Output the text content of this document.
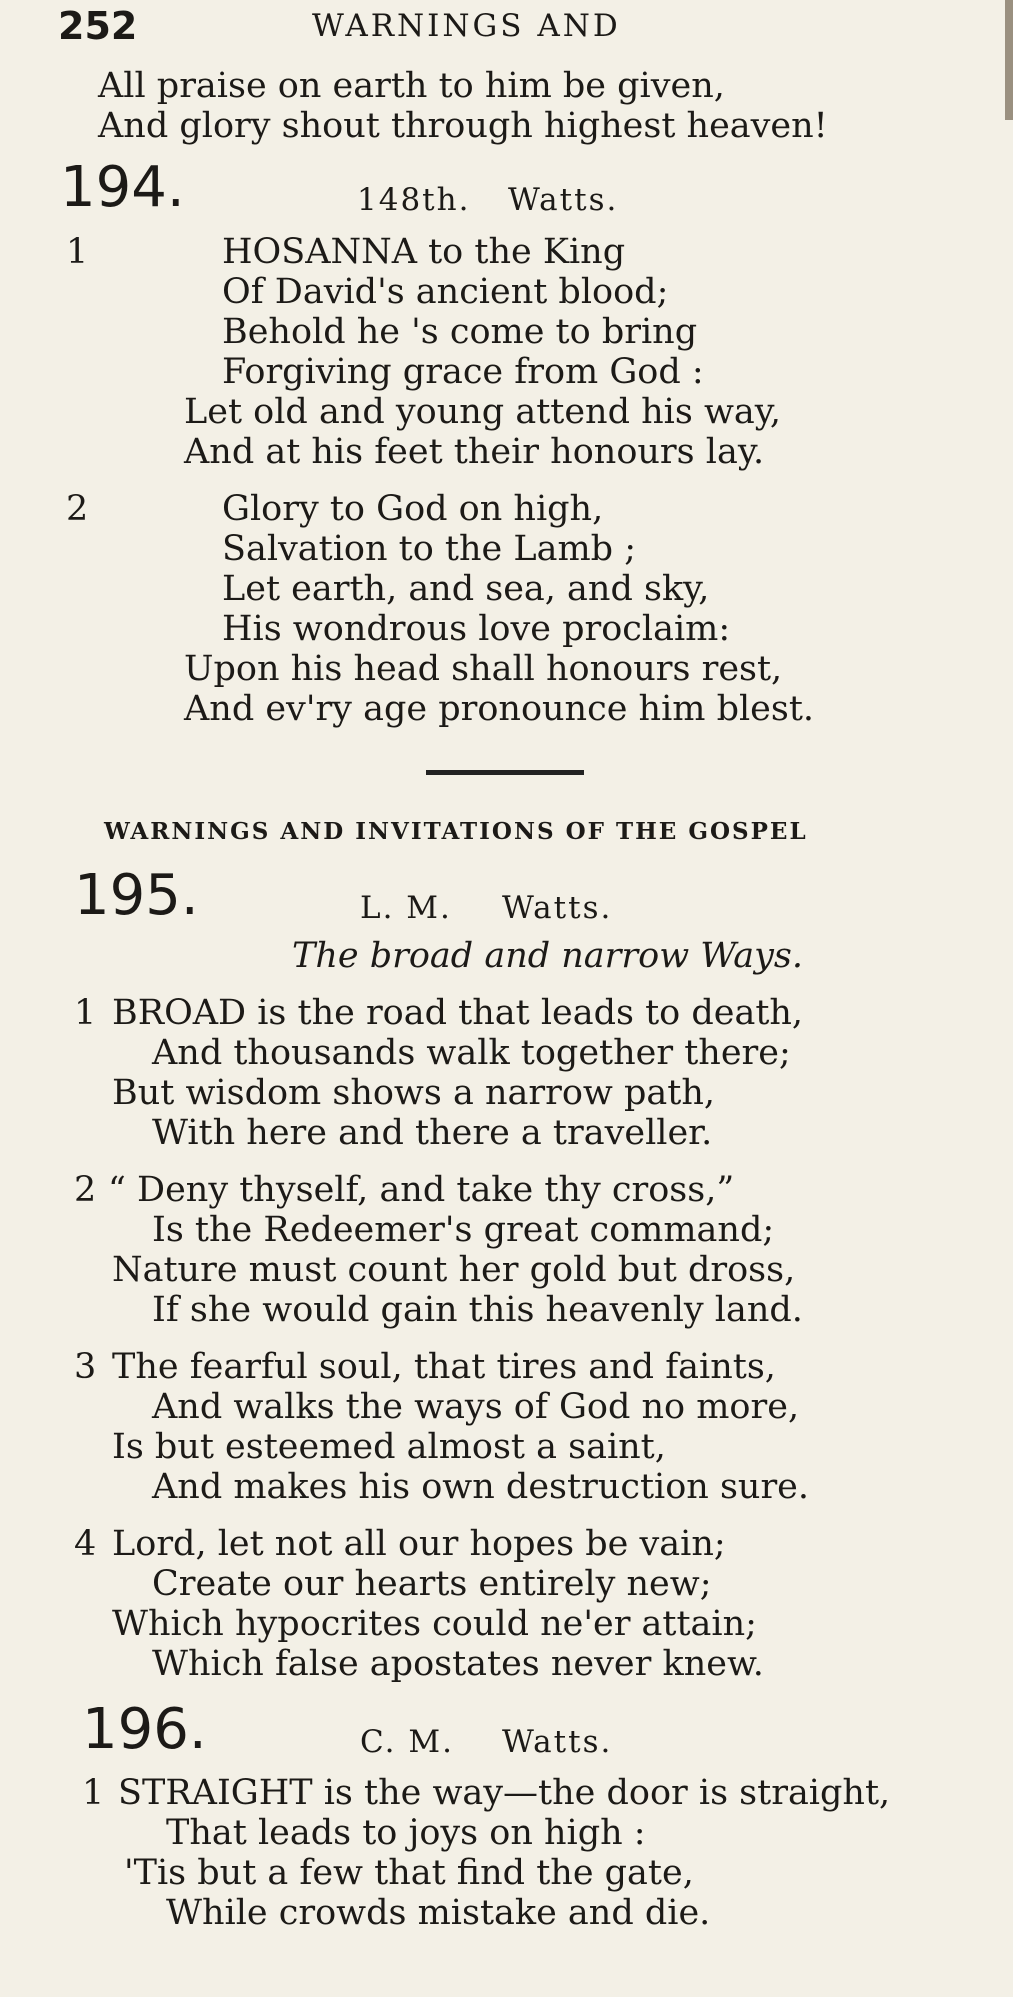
252	WARNINGS AND
All praise on earth to him be given,
And glory shout through highest heaven!
194.	148th. Watts.
1	HOSANNA to the King
Of David's ancient blood;
Behold he 's come to bring
Forgiving grace from God :
Let old and young attend his way,
And at his feet their honours lay.
2	Glory to God on high,
Salvation to the Lamb ;
Let earth, and sea, and sky,
His wondrous love proclaim:
Upon his head shall honours rest,
And ev'ry age pronounce him blest.
WARNINGS AND INVITATIONS OF THE GOSPEL
195.	L. M. Watts.
The broad and narrow Ways.
1 BROAD is the road that leads to death,
And thousands walk together there;
But wisdom shows a narrow path,
With here and there a traveller.
2 “ Deny thyself, and take thy cross,”
Is the Redeemer's great command;
Nature must count her gold but dross,
If she would gain this heavenly land.
3 The fearful soul, that tires and faints,
And walks the ways of God no more,
Is but esteemed almost a saint,
And makes his own destruction sure.
4 Lord, let not all our hopes be vain;
Create our hearts entirely new;
Which hypocrites could ne'er attain;
Which false apostates never knew.
196.	C. M. Watts.
1 STRAIGHT is the way—the door is straight,
That leads to joys on high :
'Tis but a few that find the gate,
While crowds mistake and die.
